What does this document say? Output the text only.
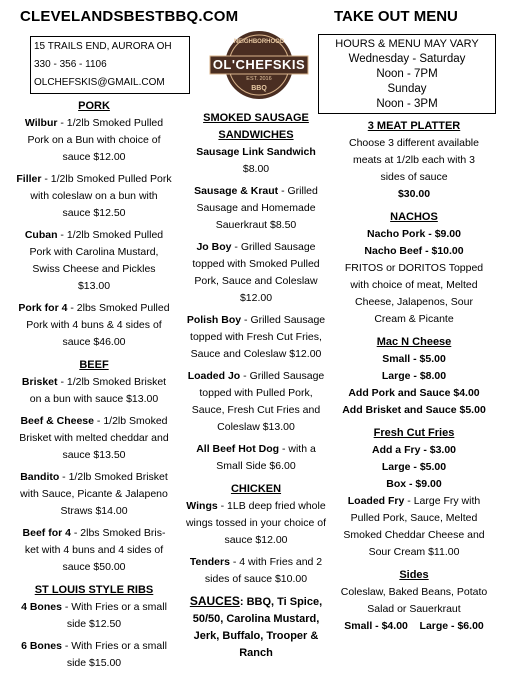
CLEVELANDSBESTBBQ.COM	TAKE OUT MENU
15 TRAILS END, AURORA OH
330 - 356 - 1106
OLCHEFSKIS@GMAIL.COM
NEIGHBORHOOD
OL'CHEFSKIS
EST. 2016
BBQ
HOURS & MENU MAY VARY
Wednesday - Saturday
Noon - 7PM
Sunday
Noon - 3PM
PORK
Wilbur - 1/2lb Smoked Pulled Pork on a Bun with choice of sauce $12.00
Filler - 1/2lb Smoked Pulled Pork with coleslaw on a bun with sauce $12.50
Cuban - 1/2lb Smoked Pulled Pork with Carolina Mustard, Swiss Cheese and Pickles $13.00
Pork for 4 - 2lbs Smoked Pulled Pork with 4 buns & 4 sides of sauce $46.00
BEEF
Brisket - 1/2lb Smoked Brisket on a bun with sauce $13.00
Beef & Cheese - 1/2lb Smoked Brisket with melted cheddar and sauce $13.50
Bandito - 1/2lb Smoked Brisket with Sauce, Picante & Jalapeno Straws $14.00
Beef for 4 - 2lbs Smoked Bris-ket with 4 buns and 4 sides of sauce $50.00
ST LOUIS STYLE RIBS
4 Bones - With Fries or a small side $12.50
6 Bones - With Fries or a small side $15.00
SMOKED SAUSAGE SANDWICHES
Sausage Link Sandwich $8.00
Sausage & Kraut - Grilled Sausage and Homemade Sauerkraut $8.50
Jo Boy - Grilled Sausage topped with Smoked Pulled Pork, Sauce and Coleslaw $12.00
Polish Boy - Grilled Sausage topped with Fresh Cut Fries, Sauce and Coleslaw $12.00
Loaded Jo - Grilled Sausage topped with Pulled Pork, Sauce, Fresh Cut Fries and Coleslaw $13.00
All Beef Hot Dog - with a Small Side $6.00
CHICKEN
Wings - 1LB deep fried whole wings tossed in your choice of sauce $12.00
Tenders - 4 with Fries and 2 sides of sauce $10.00
SAUCES: BBQ, Ti Spice, 50/50, Carolina Mustard, Jerk, Buffalo, Trooper & Ranch
3 MEAT PLATTER
Choose 3 different available meats at 1/2lb each with 3 sides of sauce
$30.00
NACHOS
Nacho Pork - $9.00
Nacho Beef - $10.00
FRITOS or DORITOS Topped with choice of meat, Melted Cheese, Jalapenos, Sour Cream & Picante
Mac N Cheese
Small - $5.00
Large - $8.00
Add Pork and Sauce $4.00
Add Brisket and Sauce $5.00
Fresh Cut Fries
Add a Fry - $3.00
Large - $5.00
Box - $9.00
Loaded Fry - Large Fry with Pulled Pork, Sauce, Melted Smoked Cheddar Cheese and Sour Cream $11.00
Sides
Coleslaw, Baked Beans, Potato Salad or Sauerkraut
Small - $4.00 Large - $6.00
